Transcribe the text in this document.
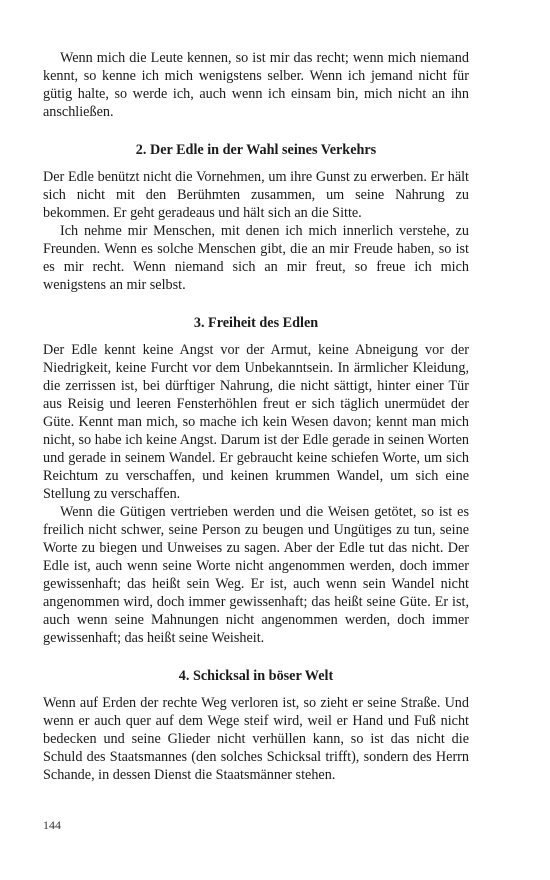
Wenn mich die Leute kennen, so ist mir das recht; wenn mich niemand kennt, so kenne ich mich wenigstens selber. Wenn ich jemand nicht für gütig halte, so werde ich, auch wenn ich einsam bin, mich nicht an ihn anschließen.

2. Der Edle in der Wahl seines Verkehrs

Der Edle benützt nicht die Vornehmen, um ihre Gunst zu erwerben. Er hält sich nicht mit den Berühmten zusammen, um seine Nahrung zu bekommen. Er geht geradeaus und hält sich an die Sitte.

Ich nehme mir Menschen, mit denen ich mich innerlich verstehe, zu Freunden. Wenn es solche Menschen gibt, die an mir Freude haben, so ist es mir recht. Wenn niemand sich an mir freut, so freue ich mich wenigstens an mir selbst.

3. Freiheit des Edlen

Der Edle kennt keine Angst vor der Armut, keine Abneigung vor der Niedrigkeit, keine Furcht vor dem Unbekanntsein. In ärmlicher Kleidung, die zerrissen ist, bei dürftiger Nahrung, die nicht sättigt, hinter einer Tür aus Reisig und leeren Fensterhöhlen freut er sich täglich unermüdet der Güte. Kennt man mich, so mache ich kein Wesen davon; kennt man mich nicht, so habe ich keine Angst. Darum ist der Edle gerade in seinen Worten und gerade in seinem Wandel. Er gebraucht keine schiefen Worte, um sich Reichtum zu verschaffen, und keinen krummen Wandel, um sich eine Stellung zu verschaffen.

Wenn die Gütigen vertrieben werden und die Weisen getötet, so ist es freilich nicht schwer, seine Person zu beugen und Ungütiges zu tun, seine Worte zu biegen und Unweises zu sagen. Aber der Edle tut das nicht. Der Edle ist, auch wenn seine Worte nicht angenommen werden, doch immer gewissenhaft; das heißt sein Weg. Er ist, auch wenn sein Wandel nicht angenommen wird, doch immer gewissenhaft; das heißt seine Güte. Er ist, auch wenn seine Mahnungen nicht angenommen werden, doch immer gewissenhaft; das heißt seine Weisheit.

4. Schicksal in böser Welt

Wenn auf Erden der rechte Weg verloren ist, so zieht er seine Straße. Und wenn er auch quer auf dem Wege steif wird, weil er Hand und Fuß nicht bedecken und seine Glieder nicht verhüllen kann, so ist das nicht die Schuld des Staatsmannes (den solches Schicksal trifft), sondern des Herrn Schande, in dessen Dienst die Staatsmänner stehen.

144
